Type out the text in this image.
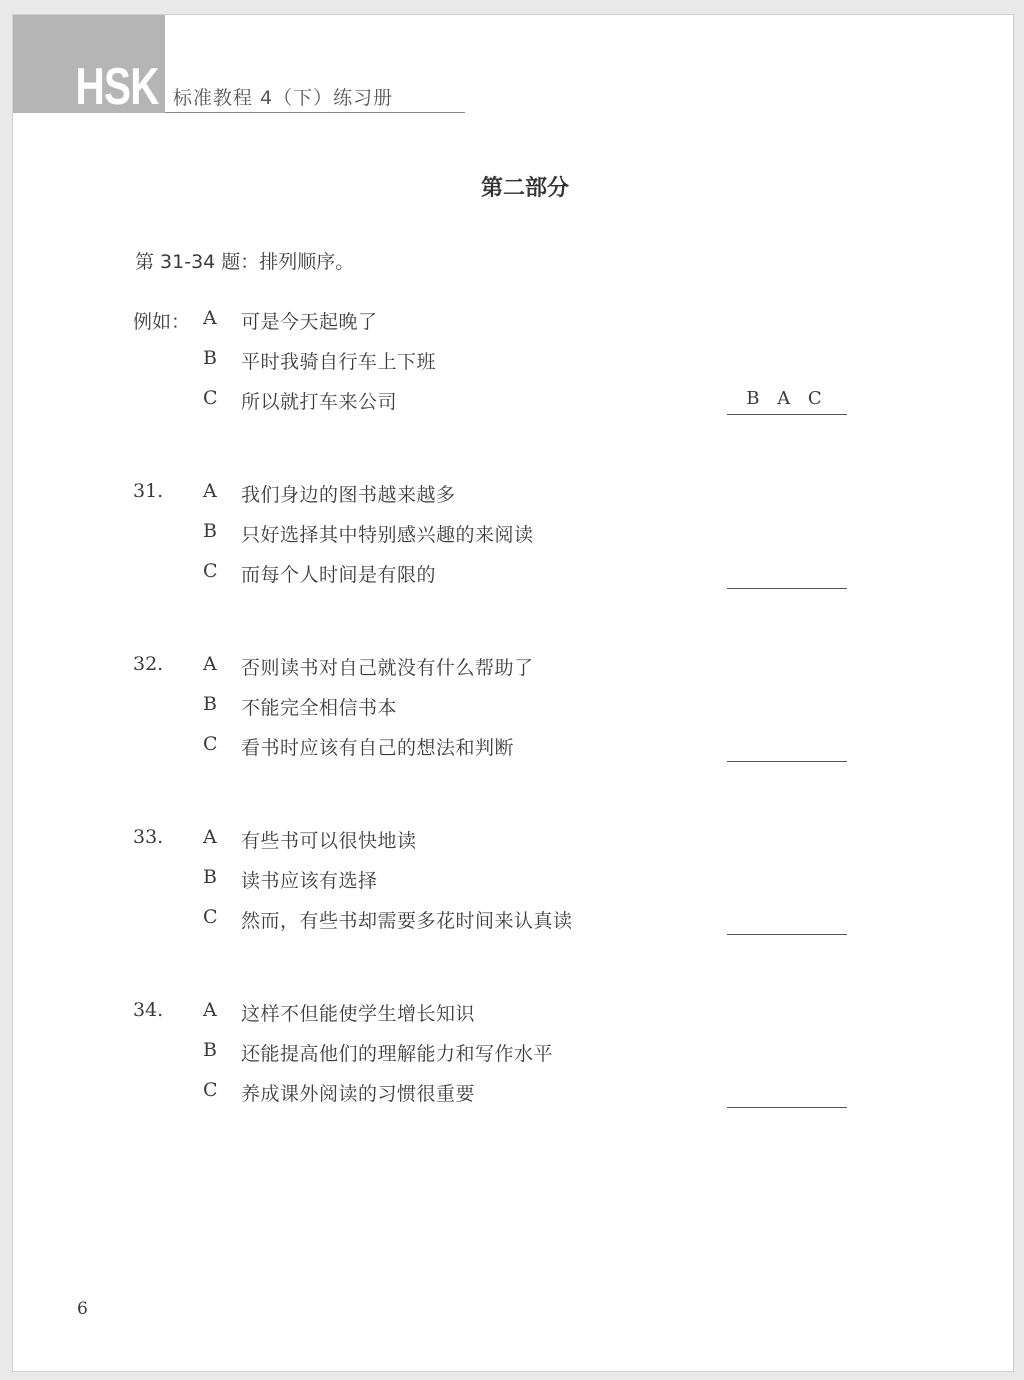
HSK 标准教程 4（下）练习册
第二部分
第 31-34 题：排列顺序。
例如： A	可是今天起晚了
B	平时我骑自行车上下班
C	所以就打车来公司	B A C
31. A	我们身边的图书越来越多
B	只好选择其中特别感兴趣的来阅读
C	而每个人时间是有限的
32. A	否则读书对自己就没有什么帮助了
B	不能完全相信书本
C	看书时应该有自己的想法和判断
33. A	有些书可以很快地读
B	读书应该有选择
C	然而，有些书却需要多花时间来认真读
34. A	这样不但能使学生增长知识
B	还能提高他们的理解能力和写作水平
C	养成课外阅读的习惯很重要
6
